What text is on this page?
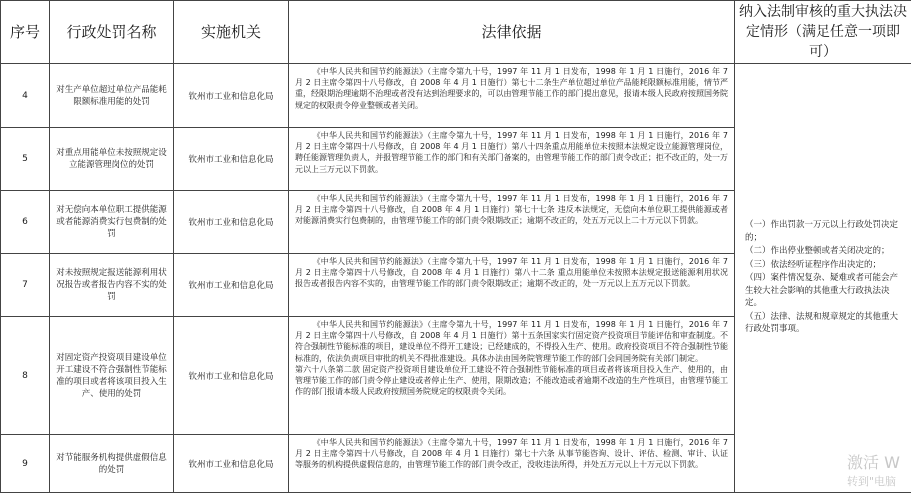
序号	行政处罚名称	实施机关	法律依据	纳入法制审核的重大执法决定情形（满足任意一项即可）
4	对生产单位超过单位产品能耗限额标准用能的处罚	钦州市工业和信息化局	《中华人民共和国节约能源法》（主席令第九十号，1997 年 11 月 1 日发布，1998 年 1 月 1 日施行，2016 年 7 月 2 日主席令第四十八号修改，自 2008 年 4 月 1 日施行）第七十二条生产单位超过单位产品能耗限额标准用能，情节严重，经限期治理逾期不治理或者没有达到治理要求的，可以由管理节能工作的部门提出意见，报请本级人民政府按照国务院规定的权限责令停业整顿或者关闭。	（一）作出罚款一万元以上行政处罚决定的；

（二）作出停业整顿或者关闭决定的；

（三）依法经听证程序作出决定的；

（四）案件情况复杂、疑难或者可能会产生较大社会影响的其他重大行政执法决定。

（五）法律、法规和规章规定的其他重大行政处罚事项。

5	对重点用能单位未按照规定设立能源管理岗位的处罚	钦州市工业和信息化局	《中华人民共和国节约能源法》（主席令第九十号，1997 年 11 月 1 日发布，1998 年 1 月 1 日施行，2016 年 7 月 2 日主席令第四十八号修改，自 2008 年 4 月 1 日施行）第八十四条重点用能单位未按照本法规定设立能源管理岗位，聘任能源管理负责人，并报管理节能工作的部门和有关部门备案的，由管理节能工作的部门责令改正；拒不改正的，处一万元以上三万元以下罚款。	
6	对无偿向本单位职工提供能源或者能源消费实行包费制的处罚	钦州市工业和信息化局	《中华人民共和国节约能源法》（主席令第九十号，1997 年 11 月 1 日发布，1998 年 1 月 1 日施行，2016 年 7 月 2 日主席令第四十八号修改，自 2008 年 4 月 1 日施行）第七十七条 违反本法规定，无偿向本单位职工提供能源或者对能源消费实行包费制的，由管理节能工作的部门责令限期改正；逾期不改正的，处五万元以上二十万元以下罚款。	
7	对未按照规定报送能源利用状况报告或者报告内容不实的处罚	钦州市工业和信息化局	《中华人民共和国节约能源法》（主席令第九十号，1997 年 11 月 1 日发布，1998 年 1 月 1 日施行，2016 年 7 月 2 日主席令第四十八号修改，自 2008 年 4 月 1 日施行）第八十二条 重点用能单位未按照本法规定报送能源利用状况报告或者报告内容不实的，由管理节能工作的部门责令限期改正；逾期不改正的，处一万元以上五万元以下罚款。	
8	对固定资产投资项目建设单位开工建设不符合强制性节能标准的项目或者将该项目投入生产、使用的处罚	钦州市工业和信息化局	《中华人民共和国节约能源法》（主席令第九十号，1997 年 11 月 1 日发布，1998 年 1 月 1 日施行，2016 年 7 月 2 日主席令第四十八号修改，自 2008 年 4 月 1 日施行）第十五条国家实行固定资产投资项目节能评估和审查制度。不符合强制性节能标准的项目，建设单位不得开工建设；已经建成的，不得投入生产、使用。政府投资项目不符合强制性节能标准的，依法负责项目审批的机关不得批准建设。具体办法由国务院管理节能工作的部门会同国务院有关部门制定。

第六十八条第二款 固定资产投资项目建设单位开工建设不符合强制性节能标准的项目或者将该项目投入生产、使用的，由管理节能工作的部门责令停止建设或者停止生产、使用，限期改造；不能改造或者逾期不改造的生产性项目，由管理节能工作的部门报请本级人民政府按照国务院规定的权限责令关闭。	

9	对节能服务机构提供虚假信息的处罚	钦州市工业和信息化局	《中华人民共和国节约能源法》（主席令第九十号，1997 年 11 月 1 日发布，1998 年 1 月 1 日施行，2016 年 7 月 2 日主席令第四十八号修改，自 2008 年 4 月 1 日施行）第七十六条 从事节能咨询、设计、评估、检测、审计、认证等服务的机构提供虚假信息的，由管理节能工作的部门责令改正，没收违法所得，并处五万元以上十万元以下罚款。		激活 W
转到"电脑
